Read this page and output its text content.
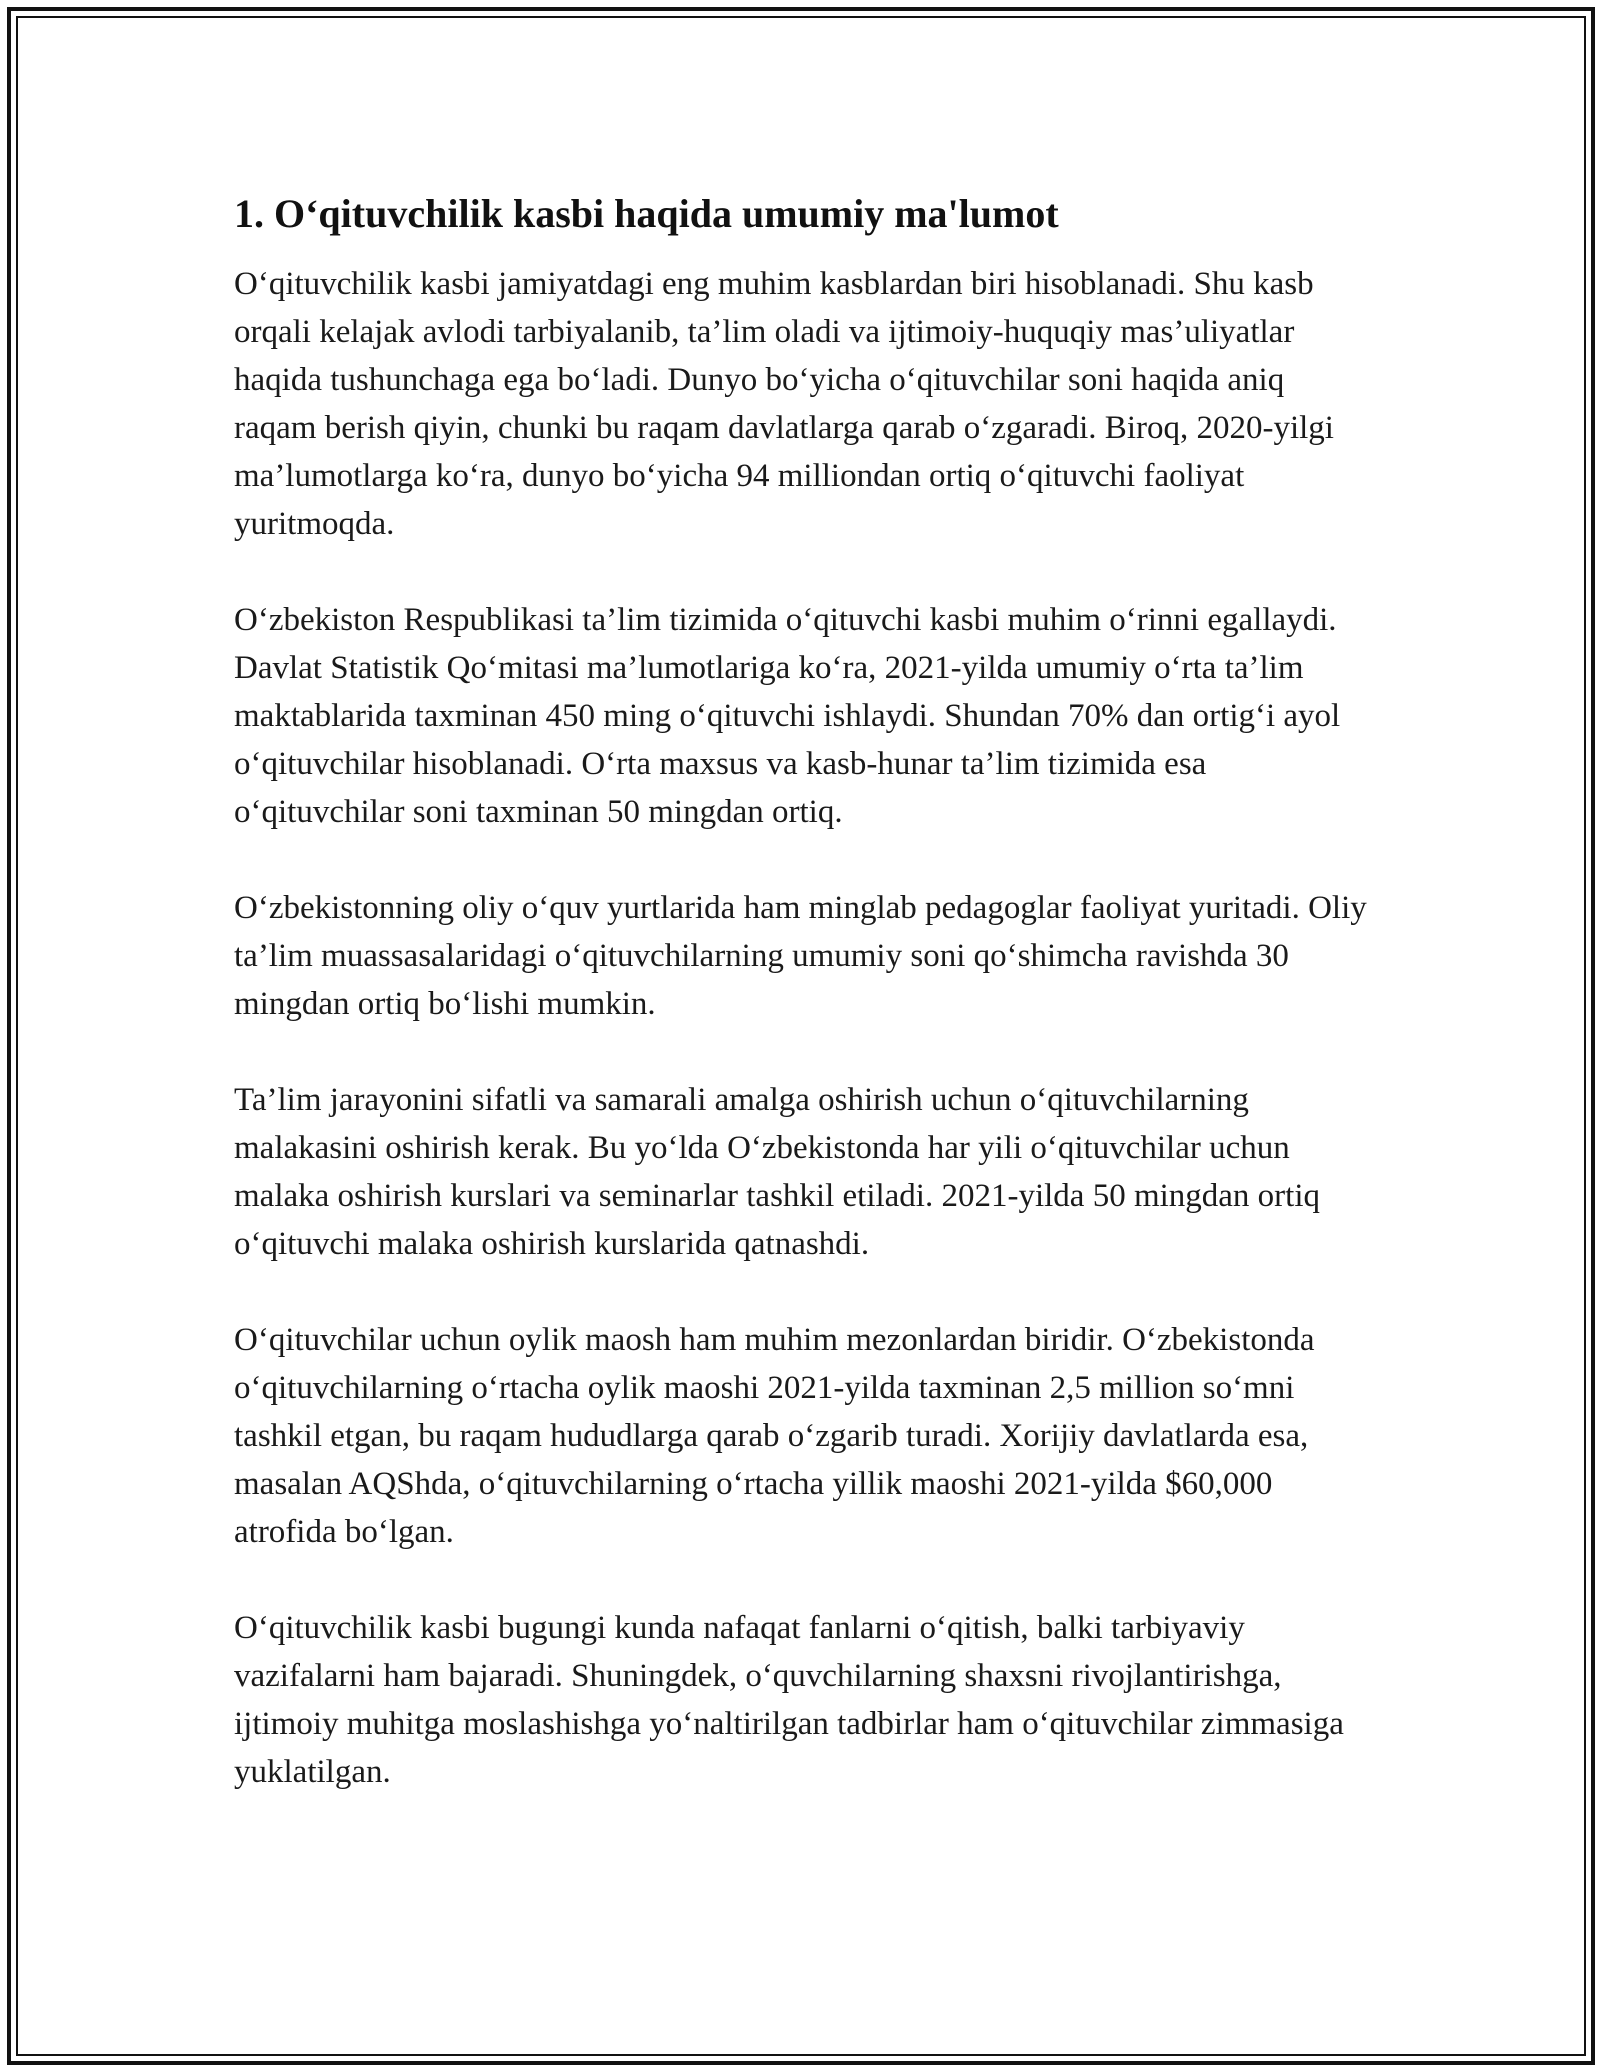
1. O‘qituvchilik kasbi haqida umumiy ma'lumot

O‘qituvchilik kasbi jamiyatdagi eng muhim kasblardan biri hisoblanadi. Shu kasb orqali kelajak avlodi tarbiyalanib, ta’lim oladi va ijtimoiy-huquqiy mas’uliyatlar haqida tushunchaga ega bo‘ladi. Dunyo bo‘yicha o‘qituvchilar soni haqida aniq raqam berish qiyin, chunki bu raqam davlatlarga qarab o‘zgaradi. Biroq, 2020-yilgi ma’lumotlarga ko‘ra, dunyo bo‘yicha 94 milliondan ortiq o‘qituvchi faoliyat yuritmoqda.

O‘zbekiston Respublikasi ta’lim tizimida o‘qituvchi kasbi muhim o‘rinni egallaydi. Davlat Statistik Qo‘mitasi ma’lumotlariga ko‘ra, 2021-yilda umumiy o‘rta ta’lim maktablarida taxminan 450 ming o‘qituvchi ishlaydi. Shundan 70% dan ortig‘i ayol o‘qituvchilar hisoblanadi. O‘rta maxsus va kasb-hunar ta’lim tizimida esa o‘qituvchilar soni taxminan 50 mingdan ortiq.

O‘zbekistonning oliy o‘quv yurtlarida ham minglab pedagoglar faoliyat yuritadi. Oliy ta’lim muassasalaridagi o‘qituvchilarning umumiy soni qo‘shimcha ravishda 30 mingdan ortiq bo‘lishi mumkin.

Ta’lim jarayonini sifatli va samarali amalga oshirish uchun o‘qituvchilarning malakasini oshirish kerak. Bu yo‘lda O‘zbekistonda har yili o‘qituvchilar uchun malaka oshirish kurslari va seminarlar tashkil etiladi. 2021-yilda 50 mingdan ortiq o‘qituvchi malaka oshirish kurslarida qatnashdi.

O‘qituvchilar uchun oylik maosh ham muhim mezonlardan biridir. O‘zbekistonda o‘qituvchilarning o‘rtacha oylik maoshi 2021-yilda taxminan 2,5 million so‘mni tashkil etgan, bu raqam hududlarga qarab o‘zgarib turadi. Xorijiy davlatlarda esa, masalan AQShda, o‘qituvchilarning o‘rtacha yillik maoshi 2021-yilda $60,000 atrofida bo‘lgan.

O‘qituvchilik kasbi bugungi kunda nafaqat fanlarni o‘qitish, balki tarbiyaviy vazifalarni ham bajaradi. Shuningdek, o‘quvchilarning shaxsni rivojlantirishga, ijtimoiy muhitga moslashishga yo‘naltirilgan tadbirlar ham o‘qituvchilar zimmasiga yuklatilgan.
